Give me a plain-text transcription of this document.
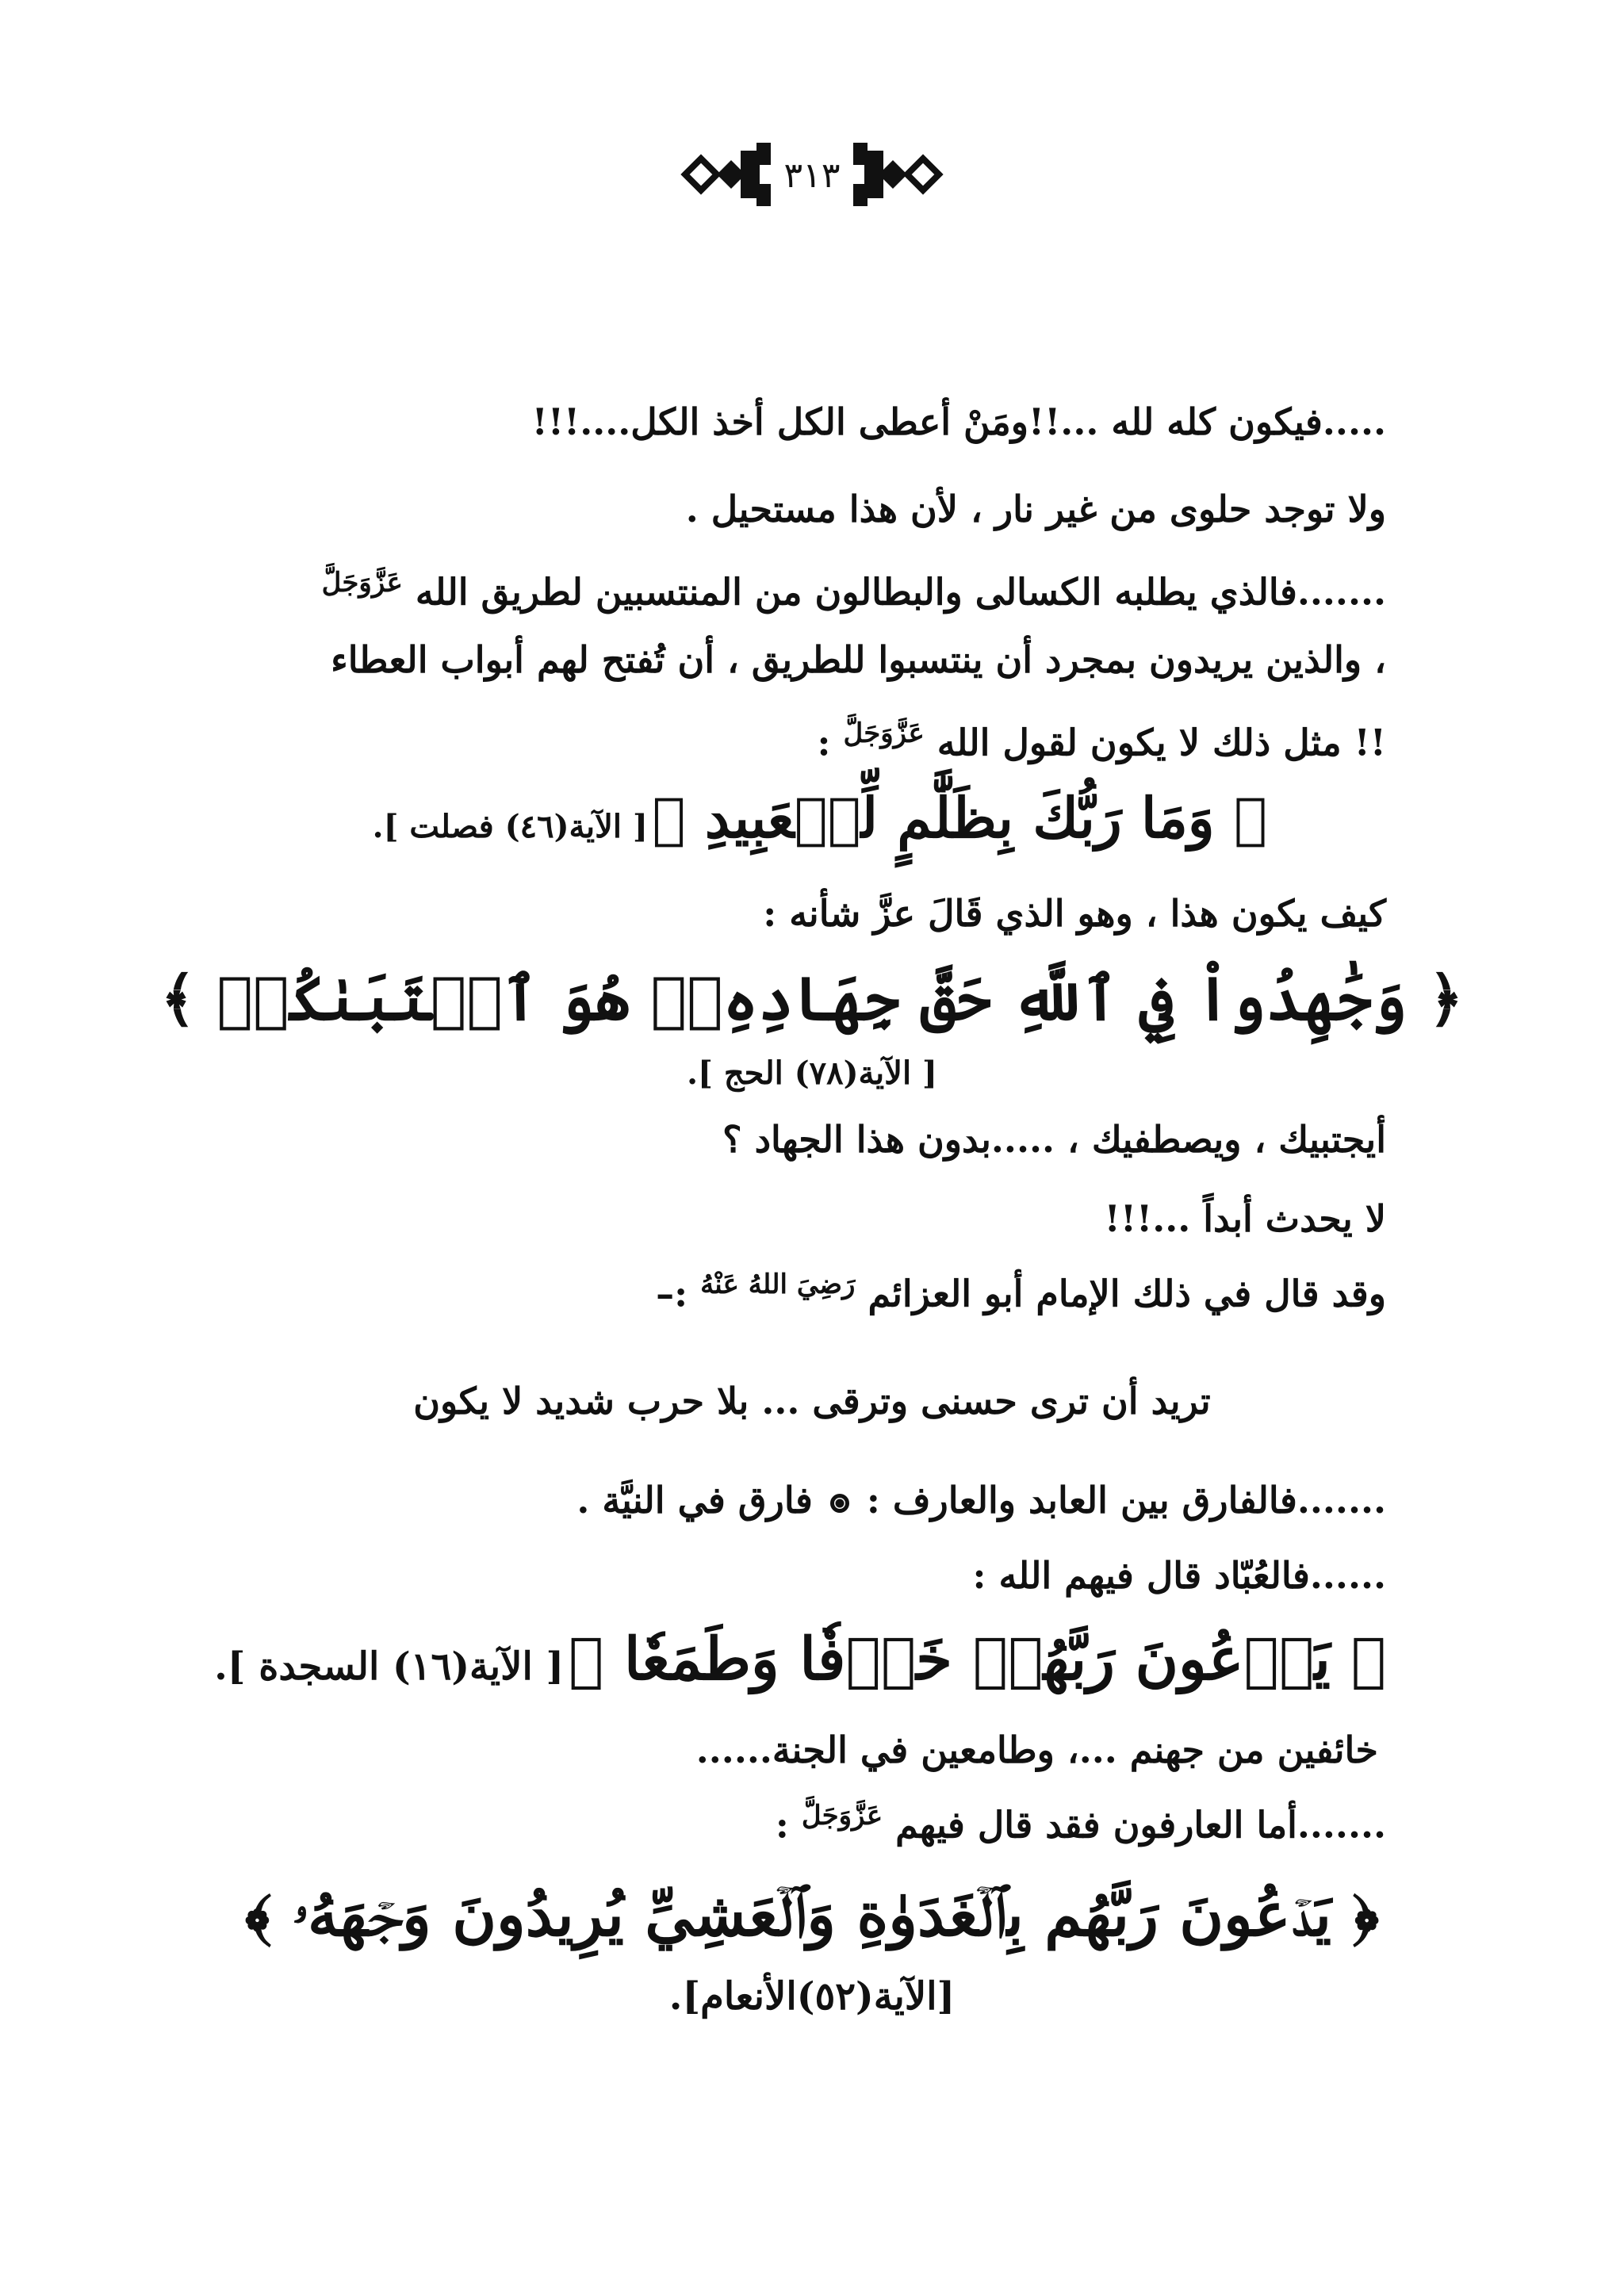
٣١٣
.....فيكون كله لله ...!!ومَنْ أعطى الكل أخذ الكل....!!!
ولا توجد حلوى من غير نار ، لأن هذا مستحيل .
.......فالذي يطلبه الكسالى والبطالون من المنتسبين لطريق الله $^{عَزَّوَجَلَّ}$
، والذين يريدون بمجرد أن ينتسبوا للطريق ، أن تُفتح لهم أبواب العطاء
!! مثل ذلك لا يكون لقول الله $^{عَزَّوَجَلَّ}$ :
﴿ وَمَا رَبُّكَ بِظَلَّٰمٍ لِّلۡعَبِيدِ ﴾ [ الآية(٤٦) فصلت ].
كيف يكون هذا ، وهو الذي قَالَ عزَّ شأنه :
﴿ وَجَٰهِدُواْ فِي ٱللَّهِ حَقَّ جِهَادِهِۦۚ هُوَ ٱجۡتَبَىٰكُمۡ ﴾
[ الآية(٧٨) الحج ].
أيجتبيك ، ويصطفيك ، .....بدون هذا الجهاد ؟
لا يحدث أبداً ...!!!
وقد قال في ذلك الإمام أبو العزائم $^{رَضِيَ اللهُ عَنْهُ}$ :–
تريد أن ترى حسنى وترقى ... بلا حرب شديد لا يكون
.......فالفارق بين العابد والعارف :  فارق في النيَّة .
......فالعُبّاد قال فيهم الله :
﴿ يَدۡعُونَ رَبَّهُمۡ خَوۡفٗا وَطَمَعٗا ﴾ [ الآية(١٦) السجدة ].
خائفين من جهنم ...، وطامعين في الجنة......
.......أما العارفون فقد قال فيهم $^{عَزَّوَجَلَّ}$ :
﴿ يَدۡعُونَ رَبَّهُم بِٱلۡغَدَوٰةِ وَٱلۡعَشِيِّ يُرِيدُونَ وَجۡهَهُۥ ﴾
[الآية(٥٢)الأنعام].
